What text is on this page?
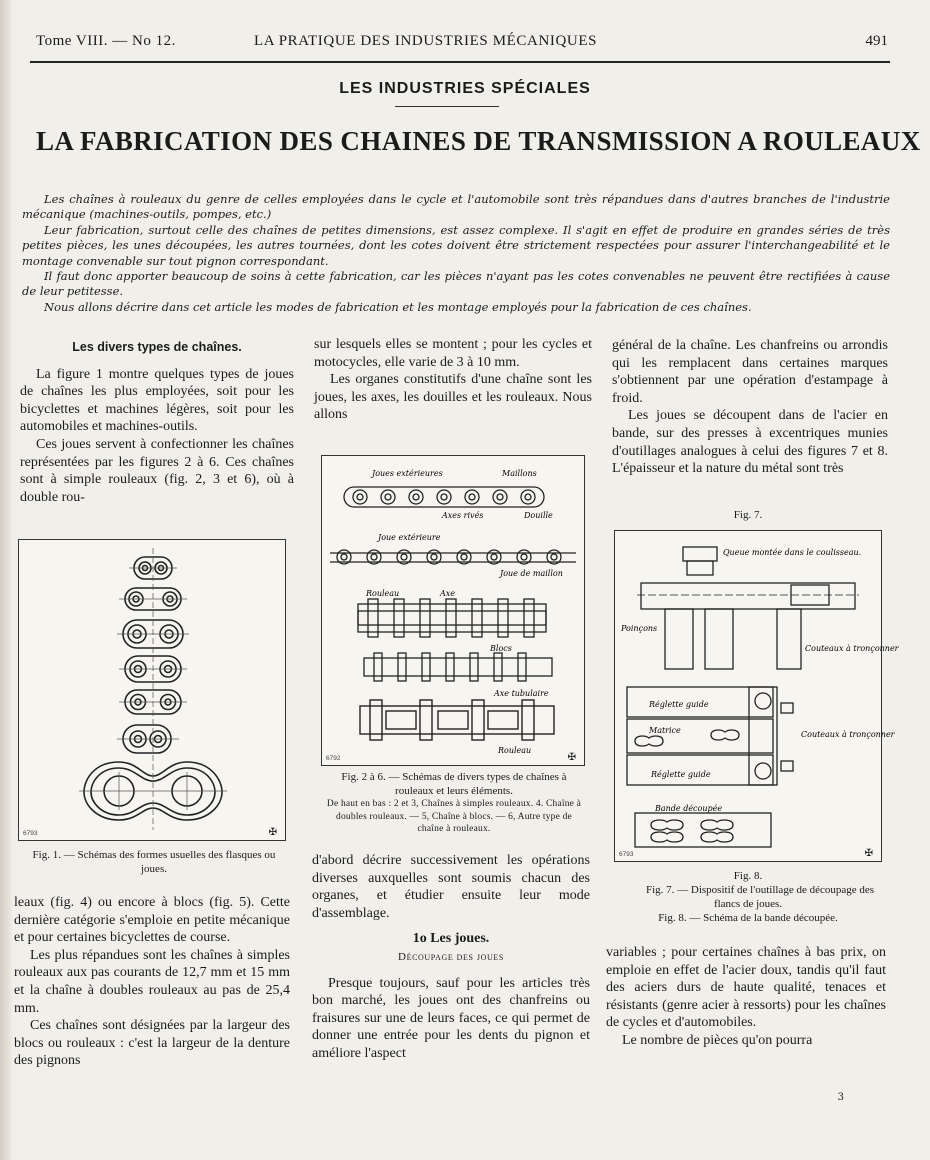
Tome VIII. — No 12.	LA PRATIQUE DES INDUSTRIES MÉCANIQUES	491
LES INDUSTRIES SPÉCIALES
LA FABRICATION DES CHAINES DE TRANSMISSION A ROULEAUX

Les chaînes à rouleaux du genre de celles employées dans le cycle et l'automobile sont très répandues dans d'autres branches de l'industrie mécanique (machines-outils, pompes, etc.)

Leur fabrication, surtout celle des chaînes de petites dimensions, est assez complexe. Il s'agit en effet de produire en grandes séries de très petites pièces, les unes découpées, les autres tournées, dont les cotes doivent être strictement respectées pour assurer l'interchangeabilité et le montage convenable sur tout pignon correspondant.

Il faut donc apporter beaucoup de soins à cette fabrication, car les pièces n'ayant pas les cotes convenables ne peuvent être rectifiées à cause de leur petitesse.

Nous allons décrire dans cet article les modes de fabrication et les montage employés pour la fabrication de ces chaînes.

Les divers types de chaînes.

La figure 1 montre quelques types de joues de chaînes les plus employées, soit pour les bicyclettes et machines légères, soit pour les automobiles et machines-outils.

Ces joues servent à confectionner les chaînes représentées par les figures 2 à 6. Ces chaînes sont à simple rouleaux (fig. 2, 3 et 6), où à double rou-

6793	✠
Fig. 1. — Schémas des formes usuelles des flasques ou joues.

leaux (fig. 4) ou encore à blocs (fig. 5). Cette dernière catégorie s'emploie en petite mécanique et pour certaines bicyclettes de course.

Les plus répandues sont les chaînes à simples rouleaux aux pas courants de 12,7 mm et 15 mm et la chaîne à doubles rouleaux au pas de 25,4 mm.

Ces chaînes sont désignées par la largeur des blocs ou rouleaux : c'est la largeur de la denture des pignons

sur lesquels elles se montent ; pour les cycles et motocycles, elle varie de 3 à 10 mm.

Les organes constitutifs d'une chaîne sont les joues, les axes, les douilles et les rouleaux. Nous allons

Joues extérieures	Maillons
Axes rivés	Douille
Joue extérieure
Joue de maillon
Rouleau	Axe
Blocs
Axe tubulaire
Rouleau
6792	✠
Fig. 2 à 6. — Schémas de divers types de chaînes à rouleaux et leurs éléments.
De haut en bas : 2 et 3, Chaînes à simples rouleaux. 4. Chaîne à doubles rouleaux. — 5, Chaîne à blocs. — 6, Autre type de chaîne à rouleaux.

d'abord décrire successivement les opérations diverses auxquelles sont soumis chacun des organes, et étudier ensuite leur mode d'assemblage.

1o Les joues.
Découpage des joues

Presque toujours, sauf pour les articles très bon marché, les joues ont des chanfreins ou fraisures sur une de leurs faces, ce qui permet de donner une entrée pour les dents du pignon et améliore l'aspect

général de la chaîne. Les chanfreins ou arrondis qui les remplacent dans certaines marques s'obtiennent par une opération d'estampage à froid.

Les joues se découpent dans de l'acier en bande, sur des presses à excentriques munies d'outillages analogues à celui des figures 7 et 8. L'épaisseur et la nature du métal sont très

Fig. 7.
Queue montée dans le coulisseau.
Poinçons
Couteaux à tronçonner
Réglette guide
Matrice	Couteaux à tronçonner
Réglette guide
Bande découpée
6793	✠
Fig. 8.
Fig. 7. — Dispositif de l'outillage de découpage des flancs de joues.
Fig. 8. — Schéma de la bande découpée.

variables ; pour certaines chaînes à bas prix, on emploie en effet de l'acier doux, tandis qu'il faut des aciers durs de haute qualité, tenaces et résistants (genre acier à ressorts) pour les chaînes de cycles et d'automobiles.

Le nombre de pièces qu'on pourra

3
